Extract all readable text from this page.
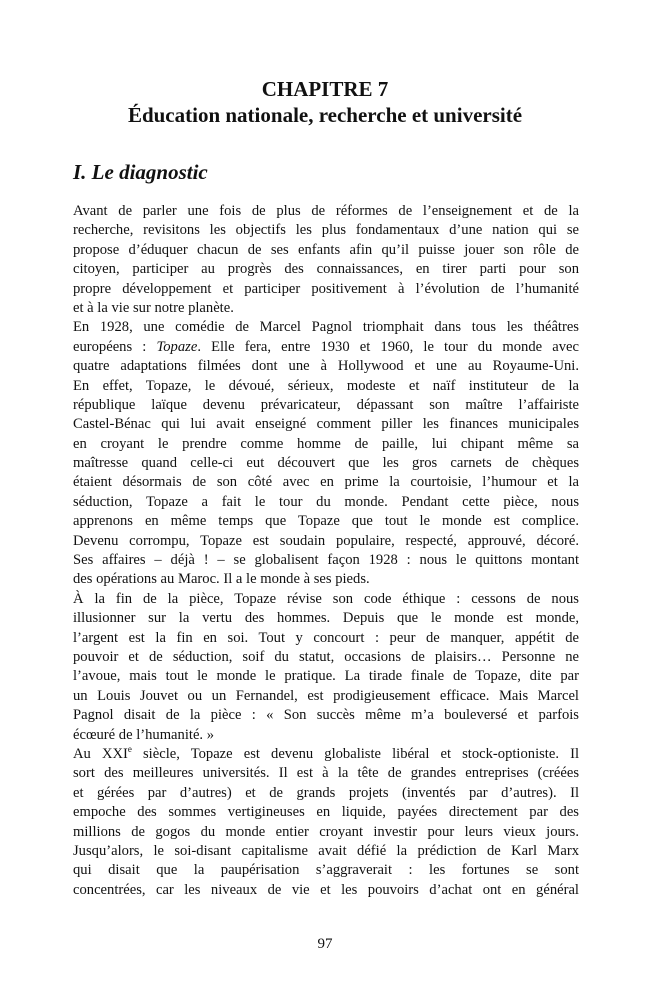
CHAPITRE 7
Éducation nationale, recherche et université
I. Le diagnostic
Avant de parler une fois de plus de réformes de l’enseignement et de la
recherche, revisitons les objectifs les plus fondamentaux d’une nation qui se
propose d’éduquer chacun de ses enfants afin qu’il puisse jouer son rôle de
citoyen, participer au progrès des connaissances, en tirer parti pour son
propre développement et participer positivement à l’évolution de l’humanité
et à la vie sur notre planète.
En 1928, une comédie de Marcel Pagnol triomphait dans tous les théâtres
européens : Topaze. Elle fera, entre 1930 et 1960, le tour du monde avec
quatre adaptations filmées dont une à Hollywood et une au Royaume-Uni.
En effet, Topaze, le dévoué, sérieux, modeste et naïf instituteur de la
république laïque devenu prévaricateur, dépassant son maître l’affairiste
Castel-Bénac qui lui avait enseigné comment piller les finances municipales
en croyant le prendre comme homme de paille, lui chipant même sa
maîtresse quand celle-ci eut découvert que les gros carnets de chèques
étaient désormais de son côté avec en prime la courtoisie, l’humour et la
séduction, Topaze a fait le tour du monde. Pendant cette pièce, nous
apprenons en même temps que Topaze que tout le monde est complice.
Devenu corrompu, Topaze est soudain populaire, respecté, approuvé, décoré.
Ses affaires – déjà ! – se globalisent façon 1928 : nous le quittons montant
des opérations au Maroc. Il a le monde à ses pieds.
À la fin de la pièce, Topaze révise son code éthique : cessons de nous
illusionner sur la vertu des hommes. Depuis que le monde est monde,
l’argent est la fin en soi. Tout y concourt : peur de manquer, appétit de
pouvoir et de séduction, soif du statut, occasions de plaisirs… Personne ne
l’avoue, mais tout le monde le pratique. La tirade finale de Topaze, dite par
un Louis Jouvet ou un Fernandel, est prodigieusement efficace. Mais Marcel
Pagnol disait de la pièce : « Son succès même m’a bouleversé et parfois
écœuré de l’humanité. »
Au XXIe siècle, Topaze est devenu globaliste libéral et stock-optioniste. Il
sort des meilleures universités. Il est à la tête de grandes entreprises (créées
et gérées par d’autres) et de grands projets (inventés par d’autres). Il
empoche des sommes vertigineuses en liquide, payées directement par des
millions de gogos du monde entier croyant investir pour leurs vieux jours.
Jusqu’alors, le soi-disant capitalisme avait défié la prédiction de Karl Marx
qui disait que la paupérisation s’aggraverait : les fortunes se sont
concentrées, car les niveaux de vie et les pouvoirs d’achat ont en général
97
